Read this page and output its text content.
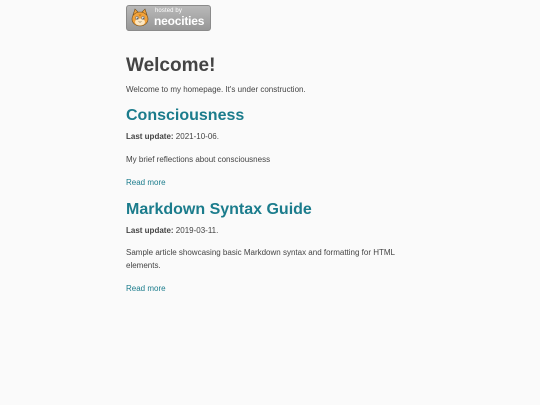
hosted by
neocities
Welcome!

Welcome to my homepage. It's under construction.

Consciousness

Last update: 2021-10-06.

My brief reflections about consciousness

Read more
Markdown Syntax Guide

Last update: 2019-03-11.

Sample article showcasing basic Markdown syntax and formatting for HTML elements.

Read more
